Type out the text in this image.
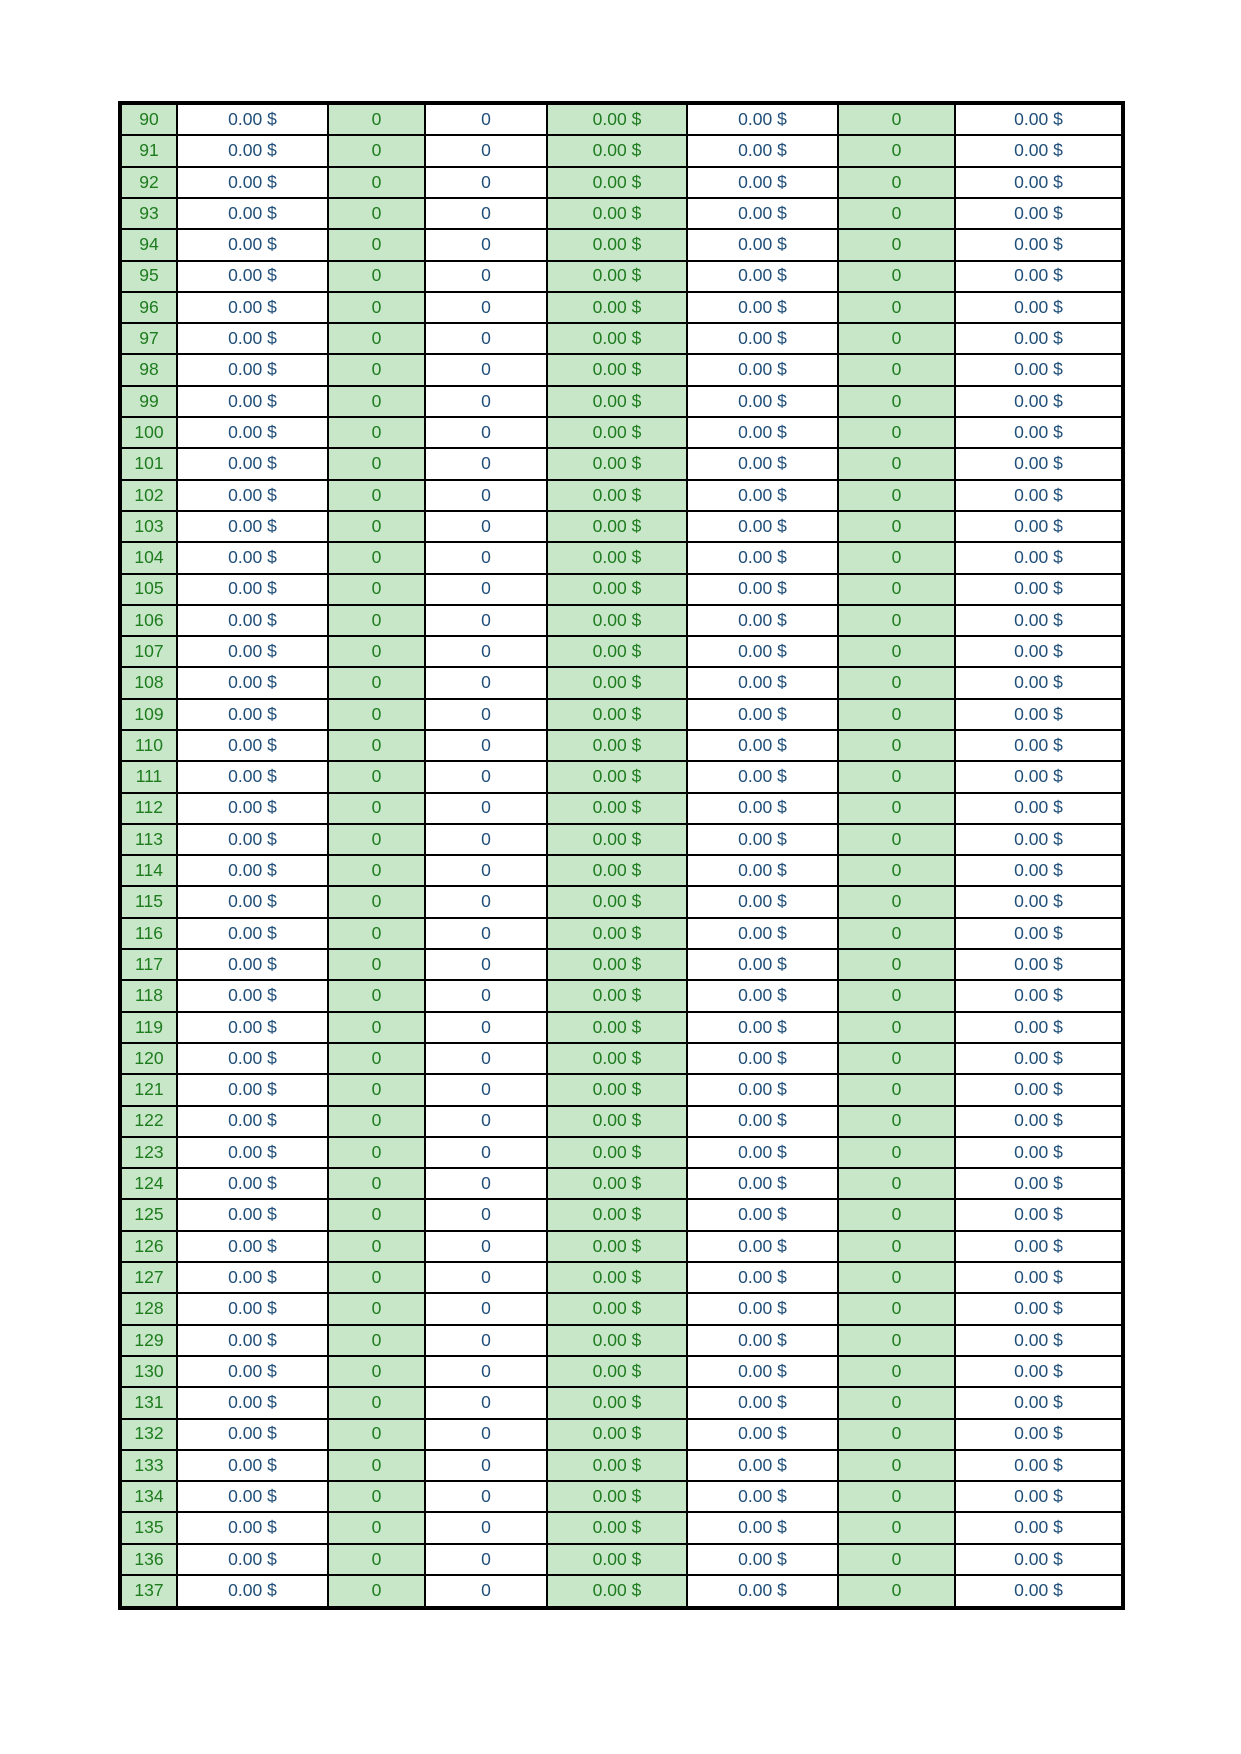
90	0.00 $	0	0	0.00 $	0.00 $	0	0.00 $
91	0.00 $	0	0	0.00 $	0.00 $	0	0.00 $
92	0.00 $	0	0	0.00 $	0.00 $	0	0.00 $
93	0.00 $	0	0	0.00 $	0.00 $	0	0.00 $
94	0.00 $	0	0	0.00 $	0.00 $	0	0.00 $
95	0.00 $	0	0	0.00 $	0.00 $	0	0.00 $
96	0.00 $	0	0	0.00 $	0.00 $	0	0.00 $
97	0.00 $	0	0	0.00 $	0.00 $	0	0.00 $
98	0.00 $	0	0	0.00 $	0.00 $	0	0.00 $
99	0.00 $	0	0	0.00 $	0.00 $	0	0.00 $
100	0.00 $	0	0	0.00 $	0.00 $	0	0.00 $
101	0.00 $	0	0	0.00 $	0.00 $	0	0.00 $
102	0.00 $	0	0	0.00 $	0.00 $	0	0.00 $
103	0.00 $	0	0	0.00 $	0.00 $	0	0.00 $
104	0.00 $	0	0	0.00 $	0.00 $	0	0.00 $
105	0.00 $	0	0	0.00 $	0.00 $	0	0.00 $
106	0.00 $	0	0	0.00 $	0.00 $	0	0.00 $
107	0.00 $	0	0	0.00 $	0.00 $	0	0.00 $
108	0.00 $	0	0	0.00 $	0.00 $	0	0.00 $
109	0.00 $	0	0	0.00 $	0.00 $	0	0.00 $
110	0.00 $	0	0	0.00 $	0.00 $	0	0.00 $
111	0.00 $	0	0	0.00 $	0.00 $	0	0.00 $
112	0.00 $	0	0	0.00 $	0.00 $	0	0.00 $
113	0.00 $	0	0	0.00 $	0.00 $	0	0.00 $
114	0.00 $	0	0	0.00 $	0.00 $	0	0.00 $
115	0.00 $	0	0	0.00 $	0.00 $	0	0.00 $
116	0.00 $	0	0	0.00 $	0.00 $	0	0.00 $
117	0.00 $	0	0	0.00 $	0.00 $	0	0.00 $
118	0.00 $	0	0	0.00 $	0.00 $	0	0.00 $
119	0.00 $	0	0	0.00 $	0.00 $	0	0.00 $
120	0.00 $	0	0	0.00 $	0.00 $	0	0.00 $
121	0.00 $	0	0	0.00 $	0.00 $	0	0.00 $
122	0.00 $	0	0	0.00 $	0.00 $	0	0.00 $
123	0.00 $	0	0	0.00 $	0.00 $	0	0.00 $
124	0.00 $	0	0	0.00 $	0.00 $	0	0.00 $
125	0.00 $	0	0	0.00 $	0.00 $	0	0.00 $
126	0.00 $	0	0	0.00 $	0.00 $	0	0.00 $
127	0.00 $	0	0	0.00 $	0.00 $	0	0.00 $
128	0.00 $	0	0	0.00 $	0.00 $	0	0.00 $
129	0.00 $	0	0	0.00 $	0.00 $	0	0.00 $
130	0.00 $	0	0	0.00 $	0.00 $	0	0.00 $
131	0.00 $	0	0	0.00 $	0.00 $	0	0.00 $
132	0.00 $	0	0	0.00 $	0.00 $	0	0.00 $
133	0.00 $	0	0	0.00 $	0.00 $	0	0.00 $
134	0.00 $	0	0	0.00 $	0.00 $	0	0.00 $
135	0.00 $	0	0	0.00 $	0.00 $	0	0.00 $
136	0.00 $	0	0	0.00 $	0.00 $	0	0.00 $
137	0.00 $	0	0	0.00 $	0.00 $	0	0.00 $
